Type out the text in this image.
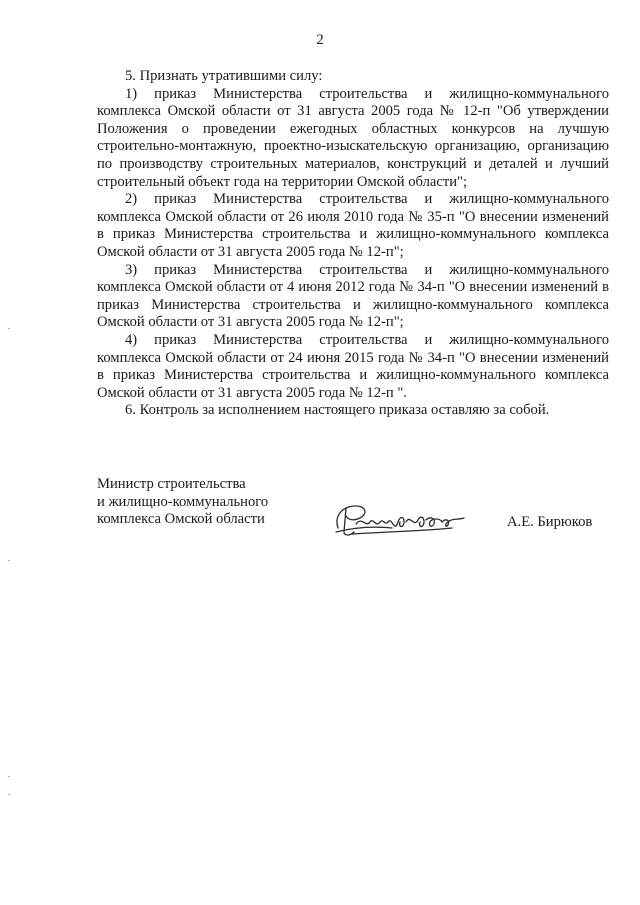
2

5. Признать утратившими силу:

1) приказ Министерства строительства и жилищно-коммунального комплекса Омской области от 31 августа 2005 года № 12-п "Об утверждении Положения о проведении ежегодных областных конкурсов на лучшую строительно-монтажную, проектно-изыскательскую организацию, организацию по производству строительных материалов, конструкций и деталей и лучший строительный объект года на территории Омской области";

2) приказ Министерства строительства и жилищно-коммунального комплекса Омской области от 26 июля 2010 года № 35-п "О внесении изменений в приказ Министерства строительства и жилищно-коммунального комплекса Омской области от 31 августа 2005 года № 12-п";

3) приказ Министерства строительства и жилищно-коммунального комплекса Омской области от 4 июня 2012 года № 34-п "О внесении изменений в приказ Министерства строительства и жилищно-коммунального комплекса Омской области от 31 августа 2005 года № 12-п";

4) приказ Министерства строительства и жилищно-коммунального комплекса Омской области от 24 июня 2015 года № 34-п "О внесении изменений в приказ Министерства строительства и жилищно-коммунального комплекса Омской области от 31 августа 2005 года № 12-п ".

6. Контроль за исполнением настоящего приказа оставляю за собой.

Министр строительства
и жилищно-коммунального
комплекса Омской области	А.Е. Бирюков
